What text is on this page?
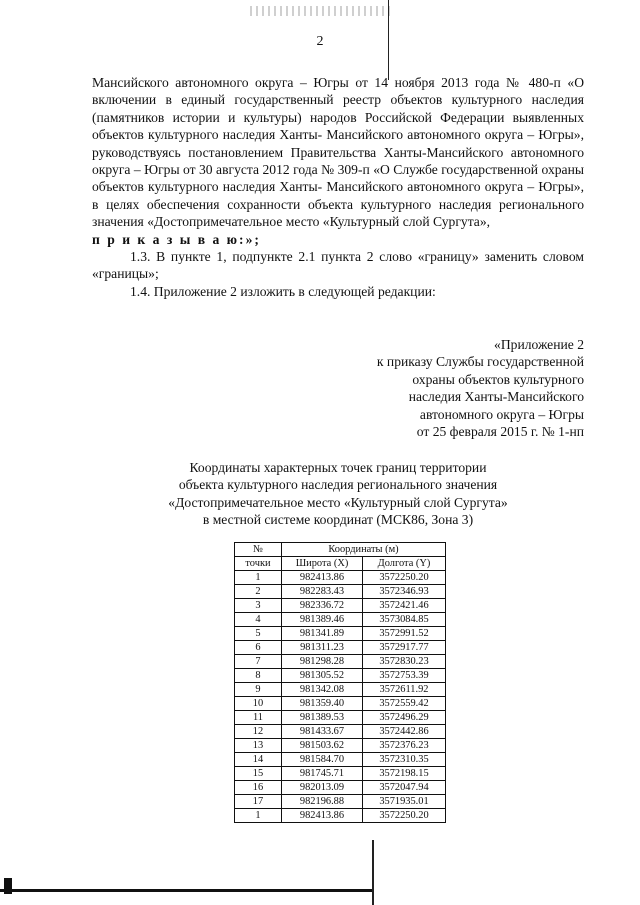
2

Мансийского автономного округа – Югры от 14 ноября 2013 года № 480-п «О включении в единый государственный реестр объектов культурного наследия (памятников истории и культуры) народов Российской Федерации выявленных объектов культурного наследия Ханты- Мансийского автономного округа – Югры», руководствуясь постановлением Правительства Ханты-Мансийского автономного округа – Югры от 30 августа 2012 года № 309-п «О Службе государственной охраны объектов культурного наследия Ханты- Мансийского автономного округа – Югры», в целях обеспечения сохранности объекта культурного наследия регионального значения «Достопримечательное место «Культурный слой Сургута»,

п р и к а з ы в а ю:»;

1.3. В пункте 1, подпункте 2.1 пункта 2 слово «границу» заменить словом «границы»;

1.4. Приложение 2 изложить в следующей редакции:

«Приложение 2
к приказу Службы государственной
охраны объектов культурного
наследия Ханты-Мансийского
автономного округа – Югры
от 25 февраля 2015 г. № 1-нп
Координаты характерных точек границ территории
объекта культурного наследия регионального значения
«Достопримечательное место «Культурный слой Сургута»
в местной системе координат (МСК86, Зона 3)
№	Координаты (м)	
точки	Широта (X)	Долгота (Y)
1	982413.86	3572250.20
2	982283.43	3572346.93
3	982336.72	3572421.46
4	981389.46	3573084.85
5	981341.89	3572991.52
6	981311.23	3572917.77
7	981298.28	3572830.23
8	981305.52	3572753.39
9	981342.08	3572611.92
10	981359.40	3572559.42
11	981389.53	3572496.29
12	981433.67	3572442.86
13	981503.62	3572376.23
14	981584.70	3572310.35
15	981745.71	3572198.15
16	982013.09	3572047.94
17	982196.88	3571935.01
1	982413.86	3572250.20
